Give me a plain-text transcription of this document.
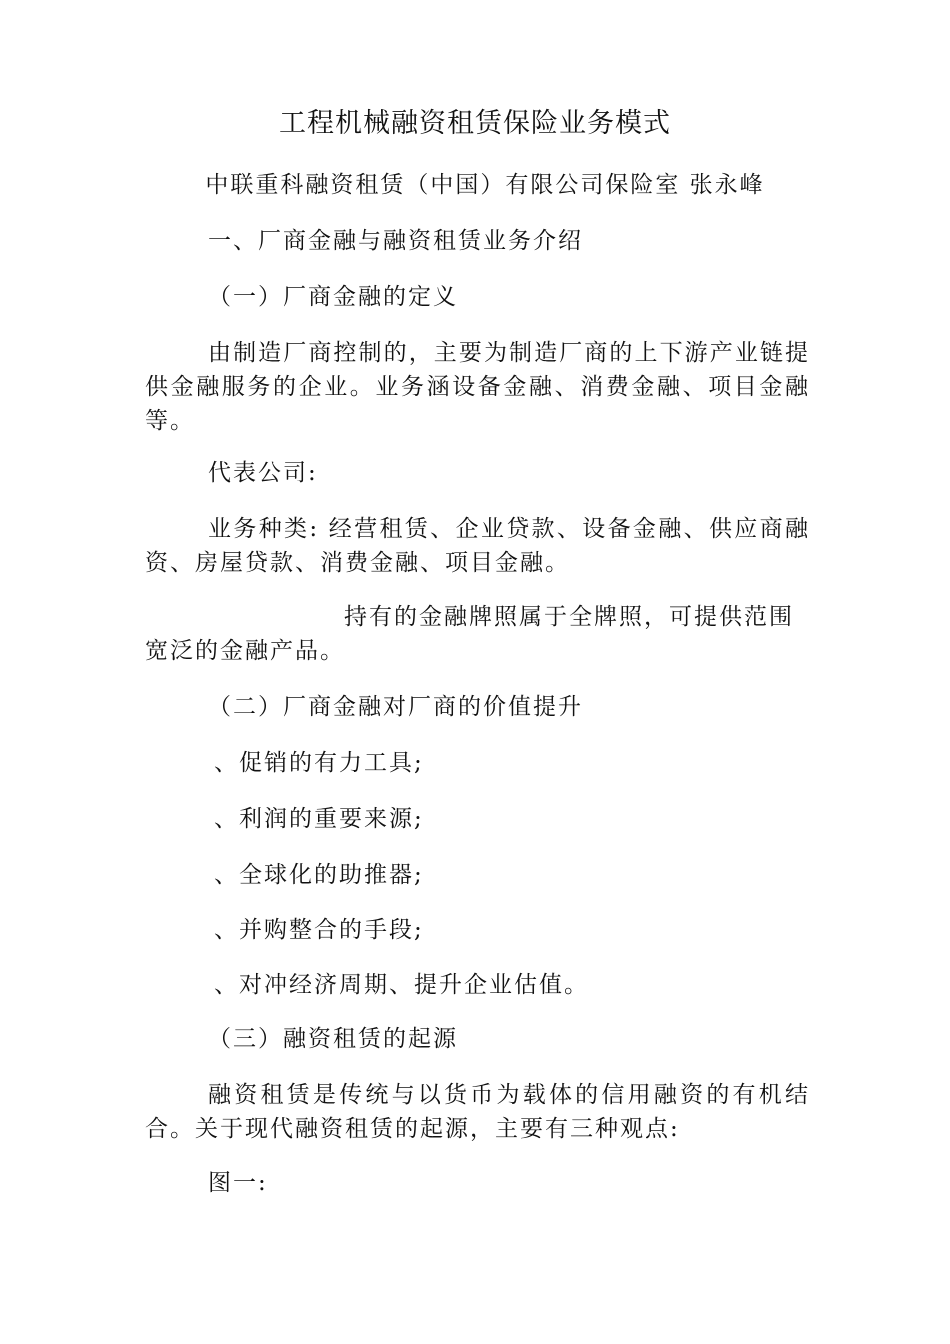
工程机械融资租赁保险业务模式
中联重科融资租赁（中国）有限公司保险室 张永峰
一、厂商金融与融资租赁业务介绍
（一）厂商金融的定义
由制造厂商控制的，主要为制造厂商的上下游产业链提供金融服务的企业。业务涵设备金融、消费金融、项目金融等。
代表公司:
业务种类: 经营租赁、企业贷款、设备金融、供应商融资、房屋贷款、消费金融、项目金融。
持有的金融牌照属于全牌照，可提供范围
宽泛的金融产品。
（二）厂商金融对厂商的价值提升
、促销的有力工具;
、利润的重要来源;
、全球化的助推器;
、并购整合的手段;
、对冲经济周期、提升企业估值。
（三）融资租赁的起源
融资租赁是传统与以货币为载体的信用融资的有机结合。关于现代融资租赁的起源，主要有三种观点:
图一:
